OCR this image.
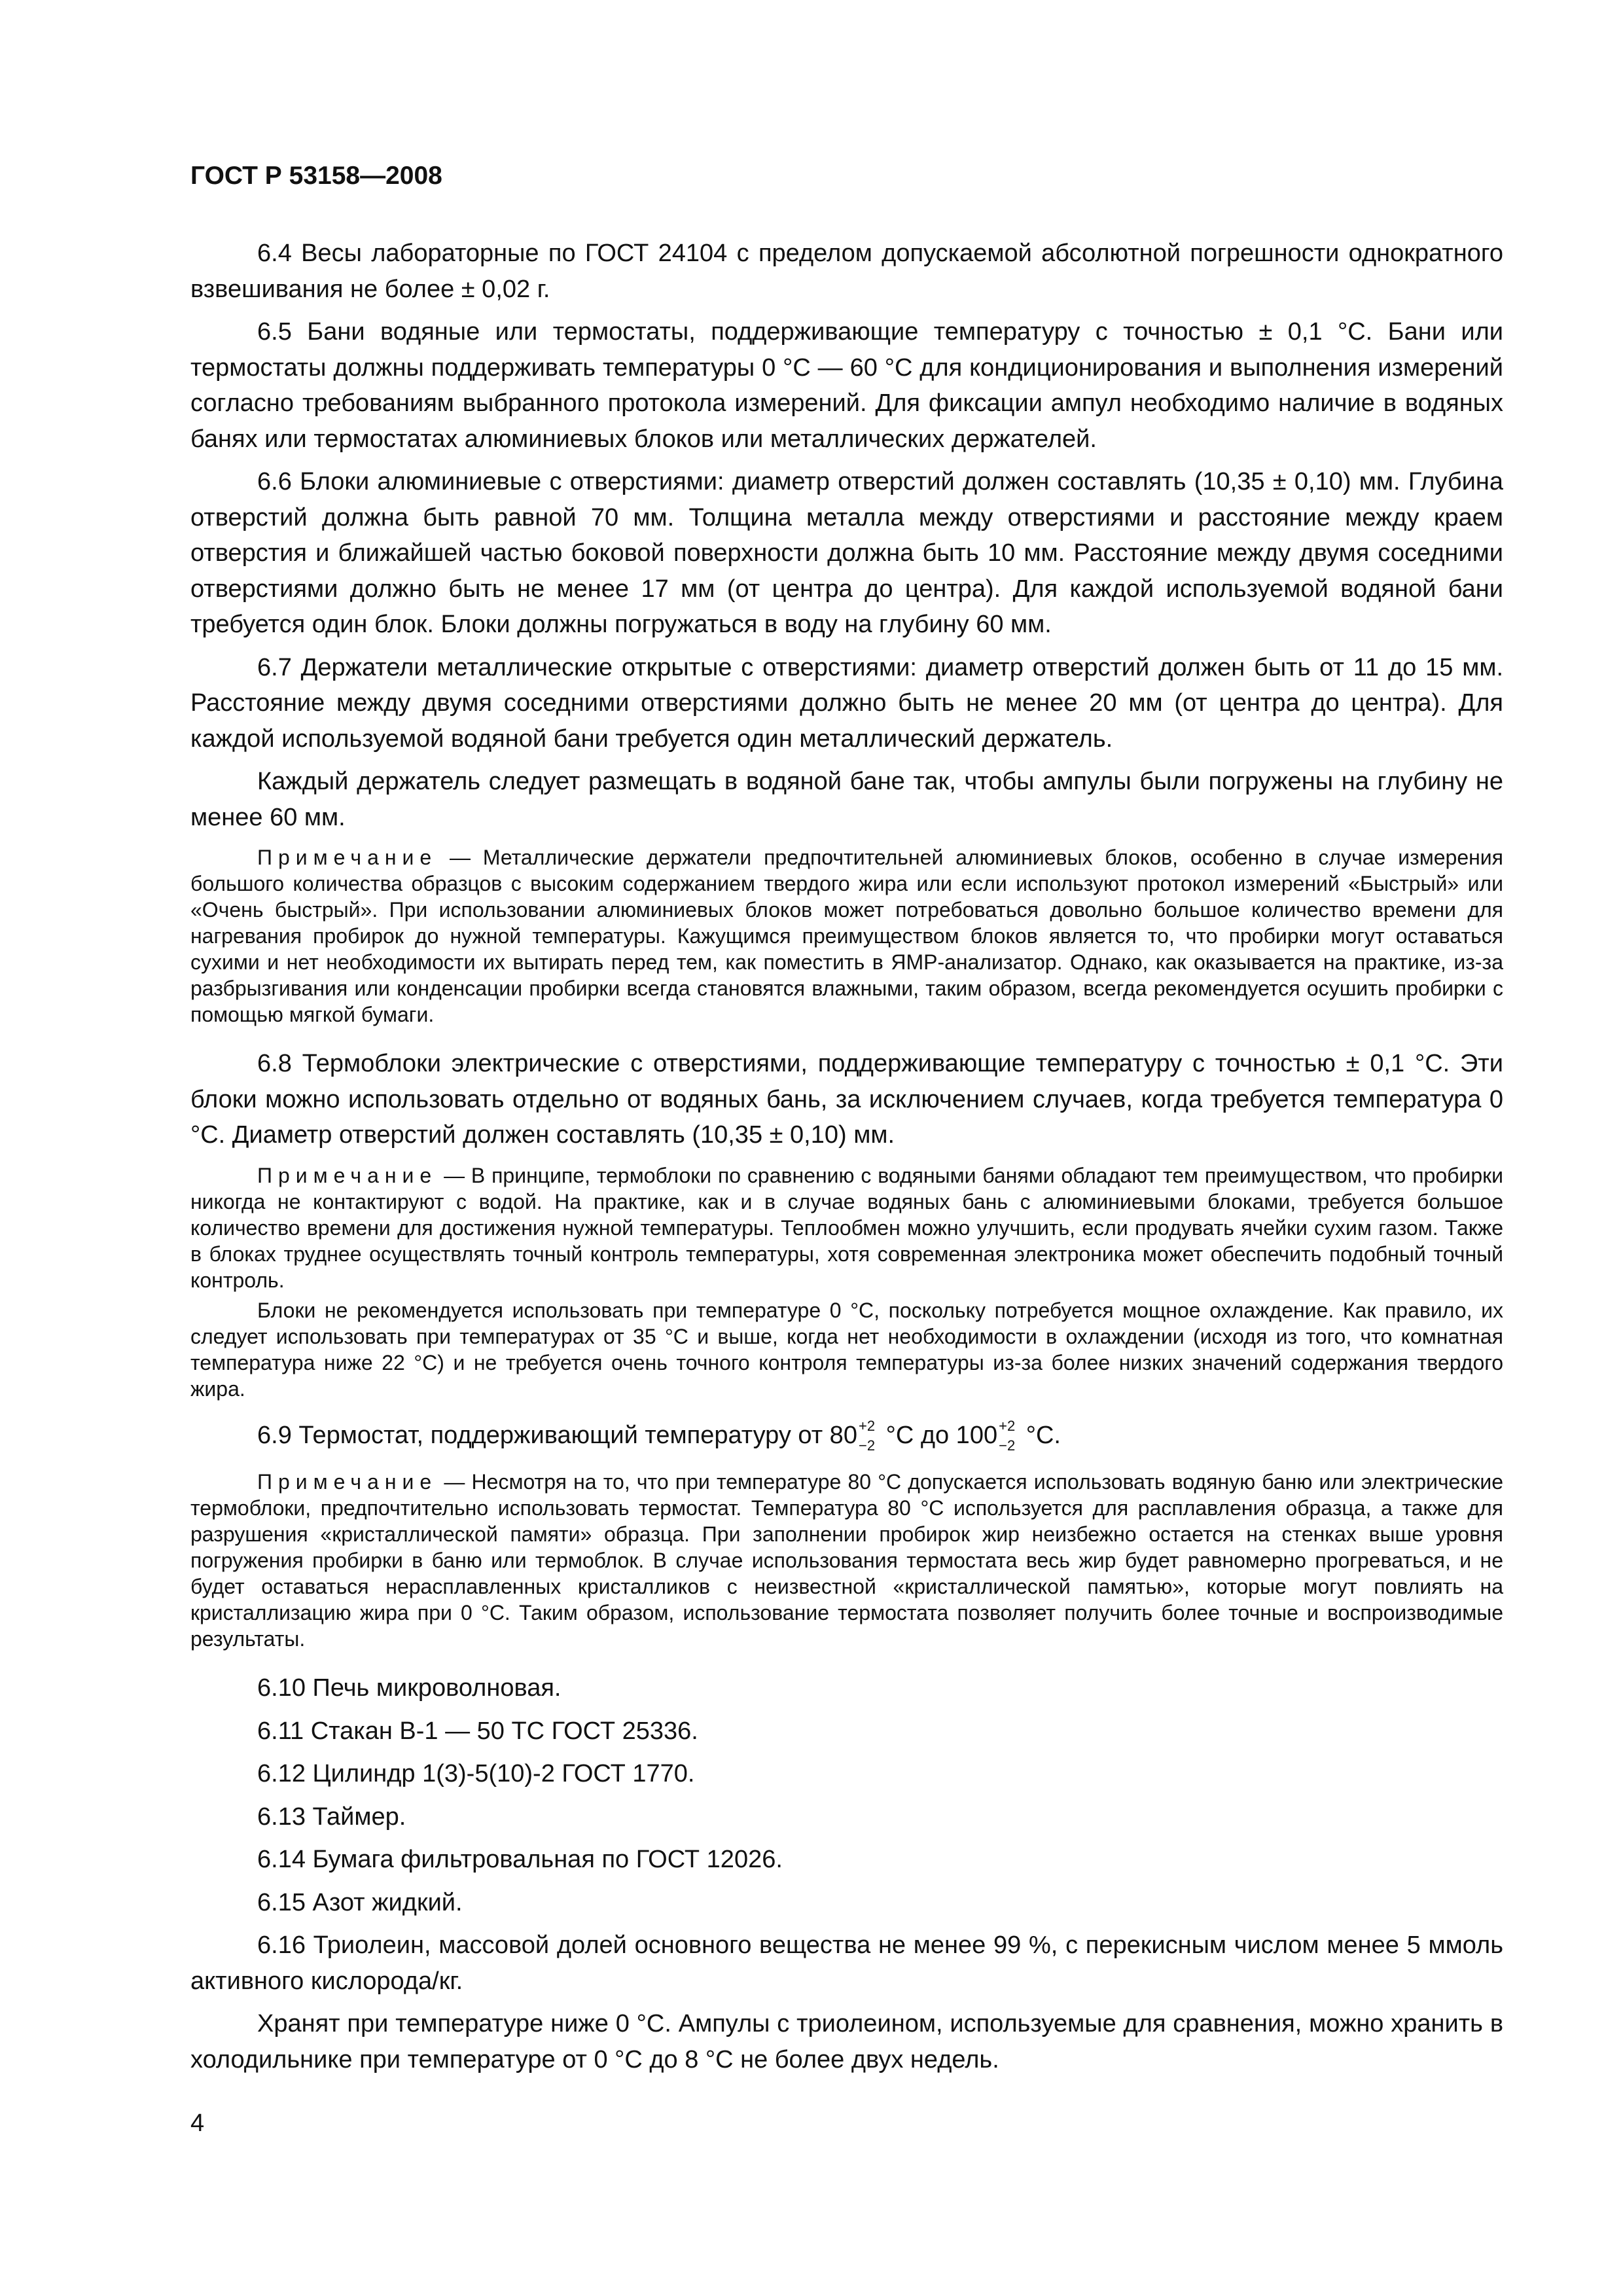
ГОСТ Р 53158—2008

6.4 Весы лабораторные по ГОСТ 24104 с пределом допускаемой абсолютной погрешности однократного взвешивания не более ± 0,02 г.

6.5 Бани водяные или термостаты, поддерживающие температуру с точностью ± 0,1 °С. Бани или термостаты должны поддерживать температуры 0 °С — 60 °С для кондиционирования и выполнения измерений согласно требованиям выбранного протокола измерений. Для фиксации ампул необходимо наличие в водяных банях или термостатах алюминиевых блоков или металлических держателей.

6.6 Блоки алюминиевые с отверстиями: диаметр отверстий должен составлять (10,35 ± 0,10) мм. Глубина отверстий должна быть равной 70 мм. Толщина металла между отверстиями и расстояние между краем отверстия и ближайшей частью боковой поверхности должна быть 10 мм. Расстояние между двумя соседними отверстиями должно быть не менее 17 мм (от центра до центра). Для каждой используемой водяной бани требуется один блок. Блоки должны погружаться в воду на глубину 60 мм.

6.7 Держатели металлические открытые с отверстиями: диаметр отверстий должен быть от 11 до 15 мм. Расстояние между двумя соседними отверстиями должно быть не менее 20 мм (от центра до центра). Для каждой используемой водяной бани требуется один металлический держатель.

Каждый держатель следует размещать в водяной бане так, чтобы ампулы были погружены на глубину не менее 60 мм.

Примечание — Металлические держатели предпочтительней алюминиевых блоков, особенно в случае измерения большого количества образцов с высоким содержанием твердого жира или если используют протокол измерений «Быстрый» или «Очень быстрый». При использовании алюминиевых блоков может потребоваться довольно большое количество времени для нагревания пробирок до нужной температуры. Кажущимся преимуществом блоков является то, что пробирки могут оставаться сухими и нет необходимости их вытирать перед тем, как поместить в ЯМР-анализатор. Однако, как оказывается на практике, из-за разбрызгивания или конденсации пробирки всегда становятся влажными, таким образом, всегда рекомендуется осушить пробирки с помощью мягкой бумаги.

6.8 Термоблоки электрические с отверстиями, поддерживающие температуру с точностью ± 0,1 °С. Эти блоки можно использовать отдельно от водяных бань, за исключением случаев, когда требуется температура 0 °С. Диаметр отверстий должен составлять (10,35 ± 0,10) мм.

Примечание — В принципе, термоблоки по сравнению с водяными банями обладают тем преимуществом, что пробирки никогда не контактируют с водой. На практике, как и в случае водяных бань с алюминиевыми блоками, требуется большое количество времени для достижения нужной температуры. Теплообмен можно улучшить, если продувать ячейки сухим газом. Также в блоках труднее осуществлять точный контроль температуры, хотя современная электроника может обеспечить подобный точный контроль.

Блоки не рекомендуется использовать при температуре 0 °С, поскольку потребуется мощное охлаждение. Как правило, их следует использовать при температурах от 35 °С и выше, когда нет необходимости в охлаждении (исходя из того, что комнатная температура ниже 22 °С) и не требуется очень точного контроля температуры из-за более низких значений содержания твердого жира.

6.9 Термостат, поддерживающий температуру от 80 +2
−2 °С до 100 +2
−2 °С.

Примечание — Несмотря на то, что при температуре 80 °С допускается использовать водяную баню или электрические термоблоки, предпочтительно использовать термостат. Температура 80 °С используется для расплавления образца, а также для разрушения «кристаллической памяти» образца. При заполнении пробирок жир неизбежно остается на стенках выше уровня погружения пробирки в баню или термоблок. В случае использования термостата весь жир будет равномерно прогреваться, и не будет оставаться нерасплавленных кристалликов с неизвестной «кристаллической памятью», которые могут повлиять на кристаллизацию жира при 0 °С. Таким образом, использование термостата позволяет получить более точные и воспроизводимые результаты.

6.10 Печь микроволновая.

6.11 Стакан В-1 — 50 ТС ГОСТ 25336.

6.12 Цилиндр 1(3)-5(10)-2 ГОСТ 1770.

6.13 Таймер.

6.14 Бумага фильтровальная по ГОСТ 12026.

6.15 Азот жидкий.

6.16 Триолеин, массовой долей основного вещества не менее 99 %, с перекисным числом менее 5 ммоль активного кислорода/кг.

Хранят при температуре ниже 0 °С. Ампулы с триолеином, используемые для сравнения, можно хранить в холодильнике при температуре от 0 °С до 8 °С не более двух недель.

4
